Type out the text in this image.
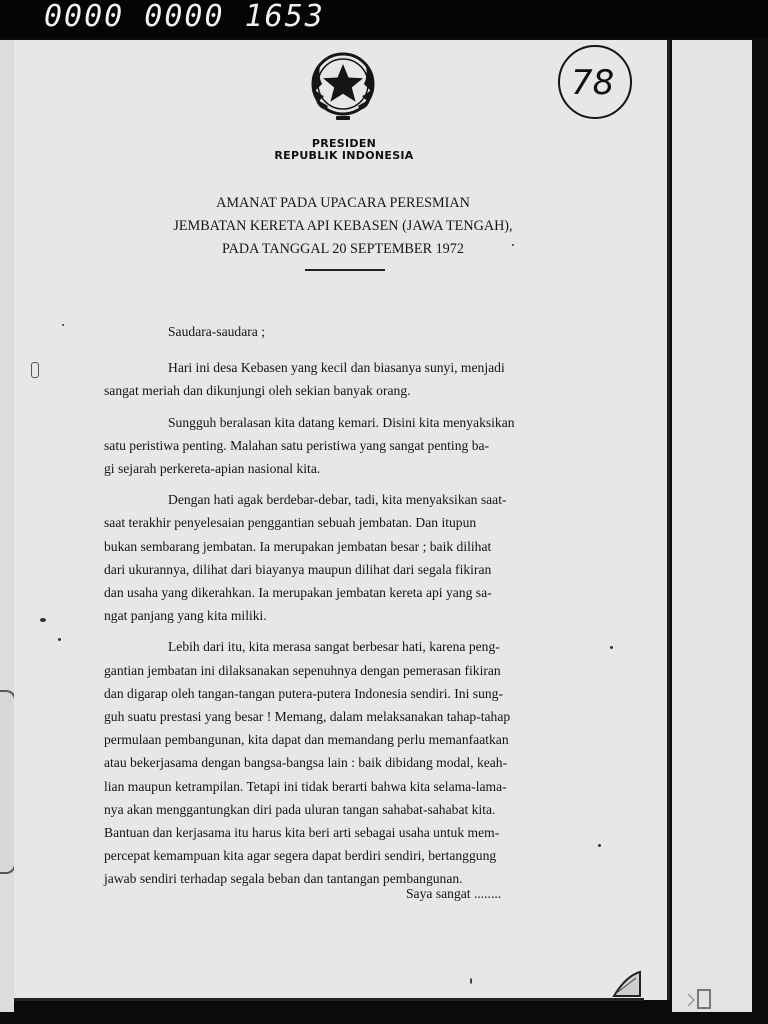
0000 0000 1653
PRESIDEN
REPUBLIK INDONESIA
78
AMANAT PADA UPACARA PERESMIAN
JEMBATAN KERETA API KEBASEN (JAWA TENGAH),
PADA TANGGAL 20 SEPTEMBER 1972
Saudara-saudara ;
Hari ini desa Kebasen yang kecil dan biasanya sunyi, menjadi
sangat meriah dan dikunjungi oleh sekian banyak orang.
Sungguh beralasan kita datang kemari. Disini kita menyaksikan
satu peristiwa penting. Malahan satu peristiwa yang sangat penting ba-
gi sejarah perkereta-apian nasional kita.
Dengan hati agak berdebar-debar, tadi, kita menyaksikan saat-
saat terakhir penyelesaian penggantian sebuah jembatan. Dan itupun
bukan sembarang jembatan. Ia merupakan jembatan besar ; baik dilihat
dari ukurannya, dilihat dari biayanya maupun dilihat dari segala fikiran
dan usaha yang dikerahkan. Ia merupakan jembatan kereta api yang sa-
ngat panjang yang kita miliki.
Lebih dari itu, kita merasa sangat berbesar hati, karena peng-
gantian jembatan ini dilaksanakan sepenuhnya dengan pemerasan fikiran
dan digarap oleh tangan-tangan putera-putera Indonesia sendiri. Ini sung-
guh suatu prestasi yang besar ! Memang, dalam melaksanakan tahap-tahap
permulaan pembangunan, kita dapat dan memandang perlu memanfaatkan
atau bekerjasama dengan bangsa-bangsa lain : baik dibidang modal, keah-
lian maupun ketrampilan. Tetapi ini tidak berarti bahwa kita selama-lama-
nya akan menggantungkan diri pada uluran tangan sahabat-sahabat kita.
Bantuan dan kerjasama itu harus kita beri arti sebagai usaha untuk mem-
percepat kemampuan kita agar segera dapat berdiri sendiri, bertanggung
jawab sendiri terhadap segala beban dan tantangan pembangunan.
Saya sangat ........
